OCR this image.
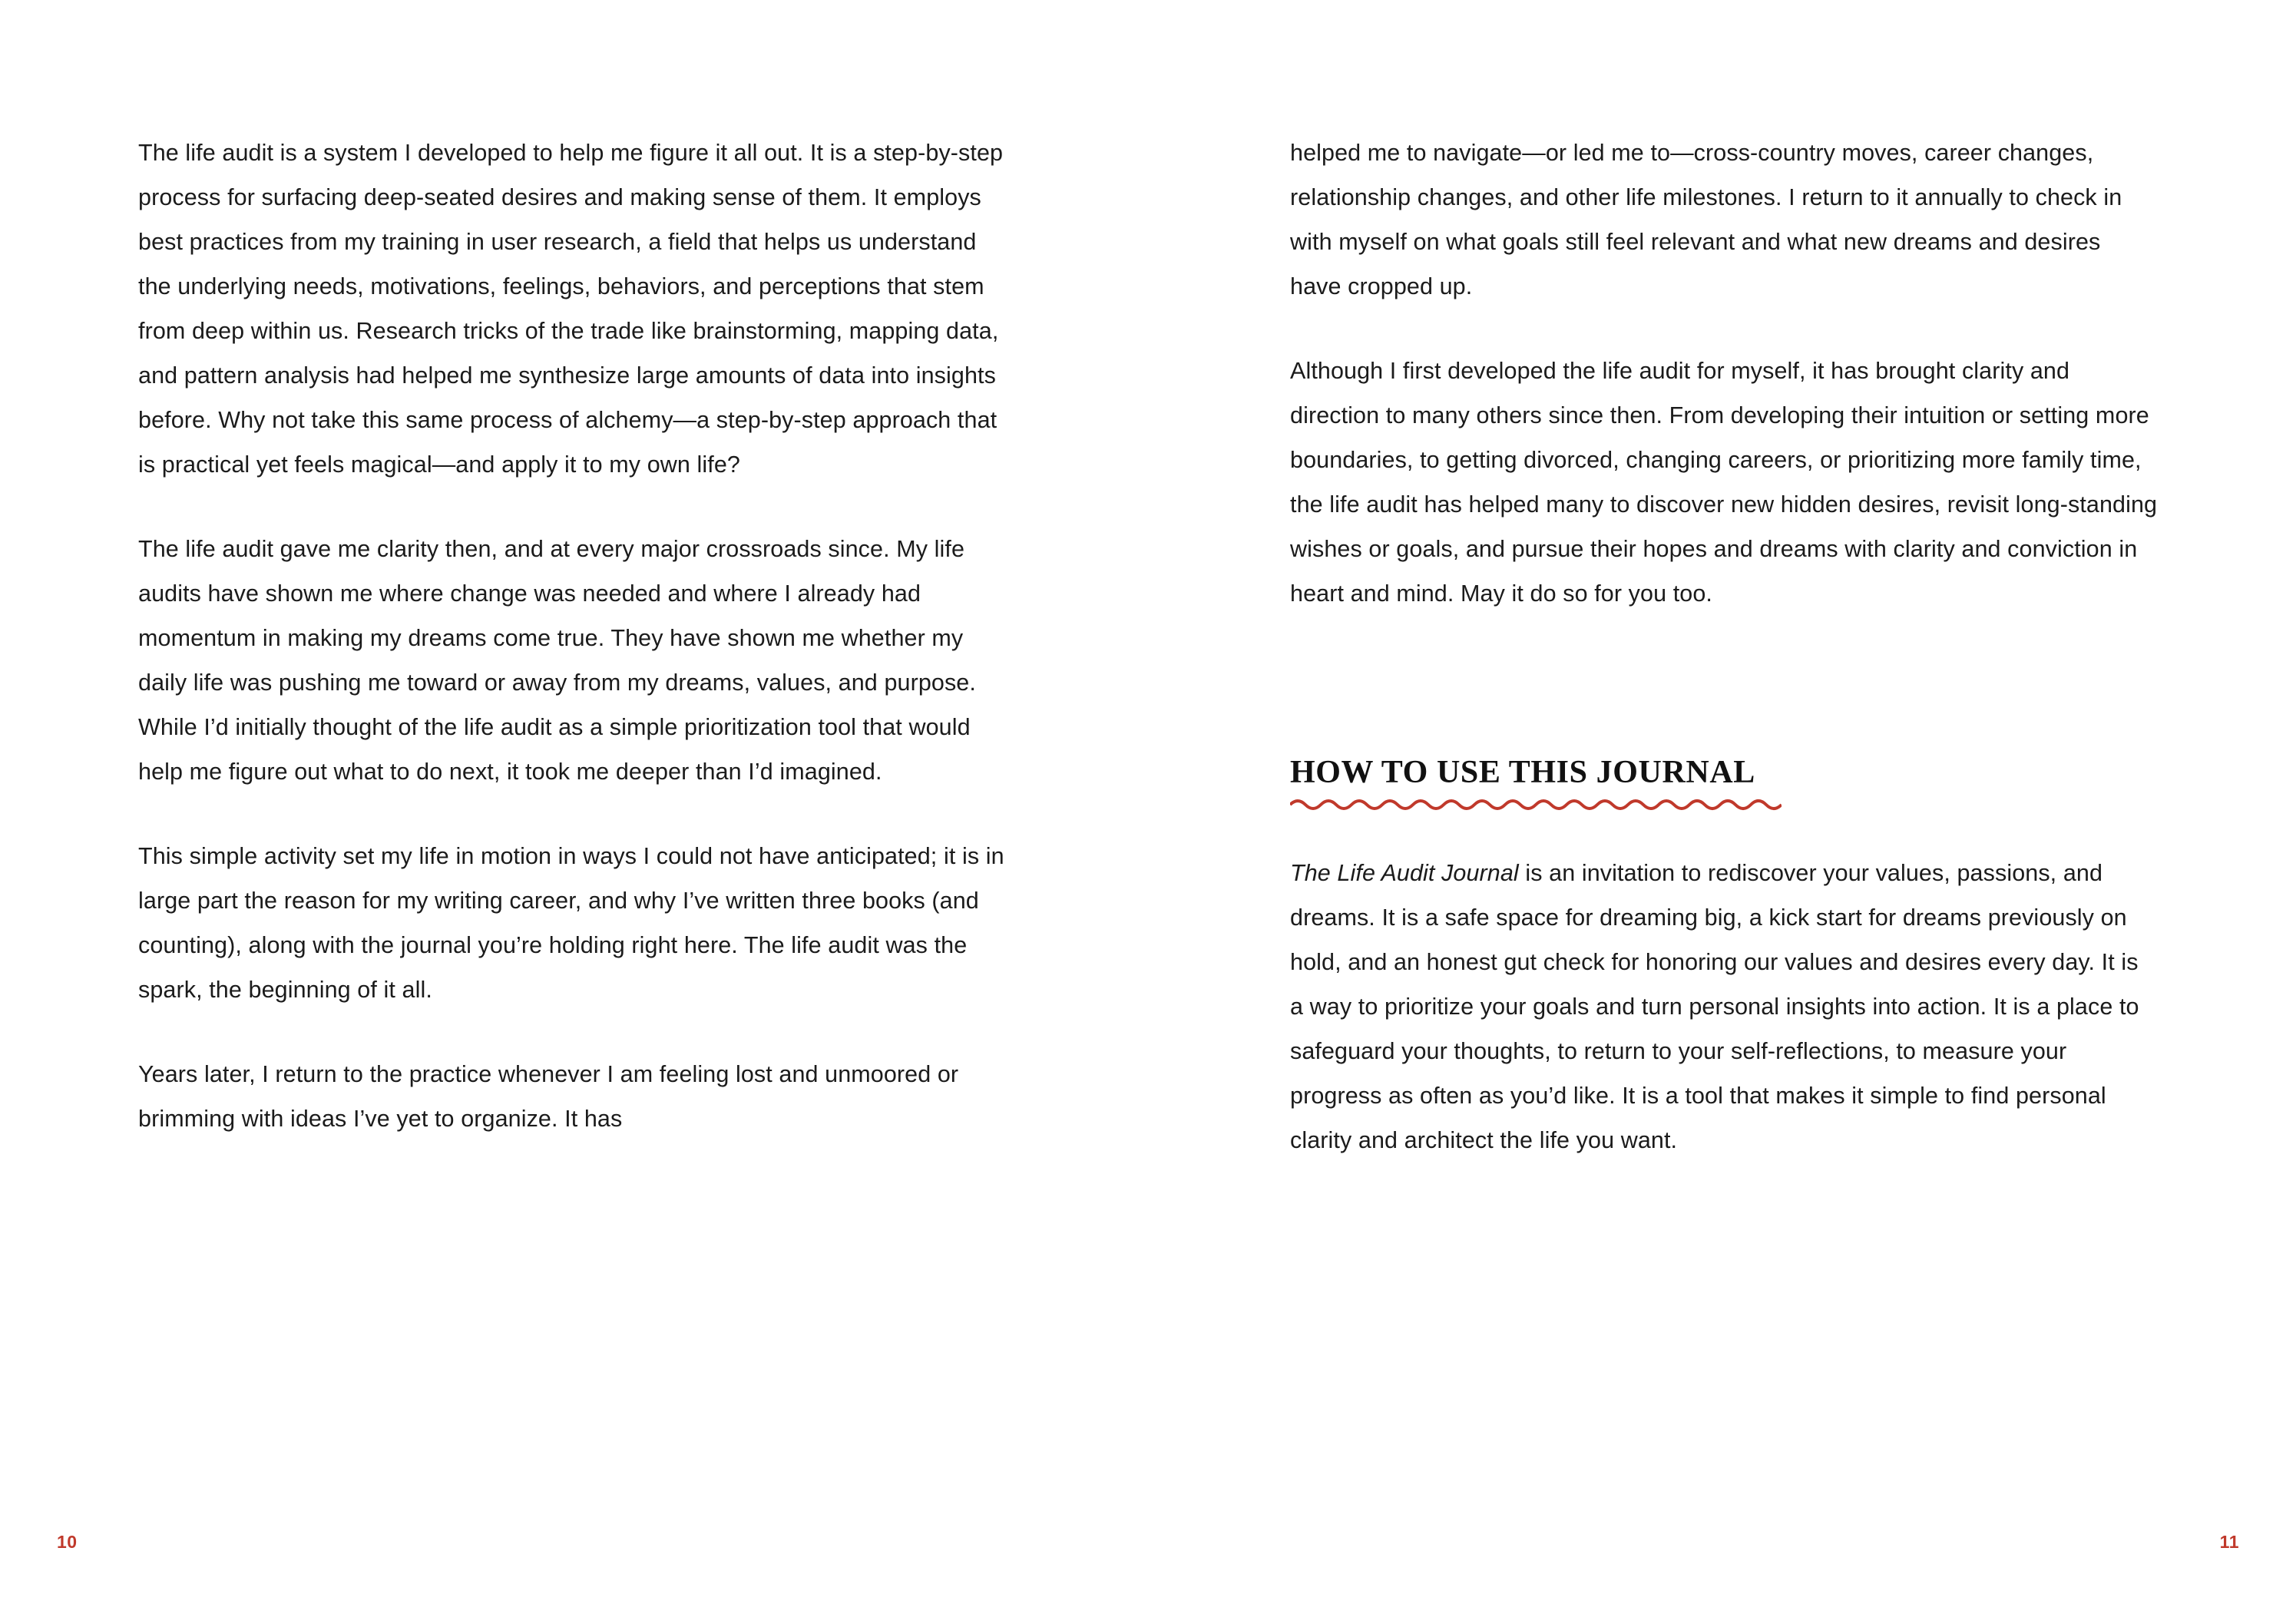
The life audit is a system I developed to help me figure it all out. It is a step-by-step process for surfacing deep-seated desires and making sense of them. It employs best practices from my training in user research, a field that helps us understand the underlying needs, motivations, feelings, behaviors, and perceptions that stem from deep within us. Research tricks of the trade like brainstorming, mapping data, and pattern analysis had helped me synthesize large amounts of data into insights before. Why not take this same process of alchemy—a step-by-step approach that is practical yet feels magical—and apply it to my own life?

The life audit gave me clarity then, and at every major crossroads since. My life audits have shown me where change was needed and where I already had momentum in making my dreams come true. They have shown me whether my daily life was pushing me toward or away from my dreams, values, and purpose. While I’d initially thought of the life audit as a simple prioritization tool that would help me figure out what to do next, it took me deeper than I’d imagined.

This simple activity set my life in motion in ways I could not have anticipated; it is in large part the reason for my writing career, and why I’ve written three books (and counting), along with the journal you’re holding right here. The life audit was the spark, the beginning of it all.

Years later, I return to the practice whenever I am feeling lost and unmoored or brimming with ideas I’ve yet to organize. It has

10

helped me to navigate—or led me to—cross-country moves, career changes, relationship changes, and other life milestones. I return to it annually to check in with myself on what goals still feel relevant and what new dreams and desires have cropped up.

Although I first developed the life audit for myself, it has brought clarity and direction to many others since then. From developing their intuition or setting more boundaries, to getting divorced, changing careers, or prioritizing more family time, the life audit has helped many to discover new hidden desires, revisit long-standing wishes or goals, and pursue their hopes and dreams with clarity and conviction in heart and mind. May it do so for you too.

HOW TO USE THIS JOURNAL

The Life Audit Journal is an invitation to rediscover your values, passions, and dreams. It is a safe space for dreaming big, a kick start for dreams previously on hold, and an honest gut check for honoring our values and desires every day. It is a way to prioritize your goals and turn personal insights into action. It is a place to safeguard your thoughts, to return to your self-reflections, to measure your progress as often as you’d like. It is a tool that makes it simple to find personal clarity and architect the life you want.

11
